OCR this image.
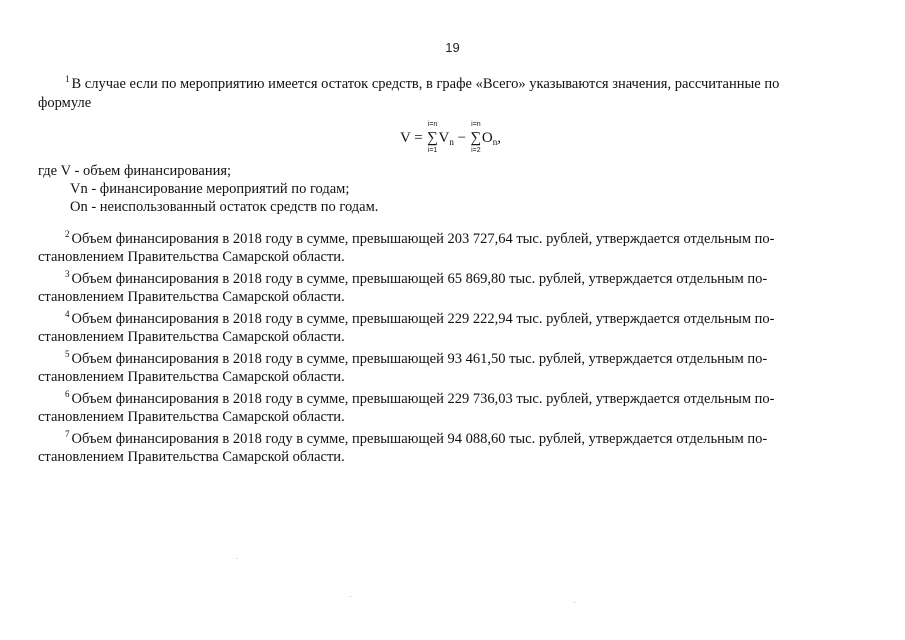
19
$^1$ В случае если по мероприятию имеется остаток средств, в графе «Всего» указываются значения, рассчитанные по
формуле
V = ∑
i=n
i=1
$V_n$ − ∑
i=n
i=2
$O_n$,
где V - объем финансирования;
Vn - финансирование мероприятий по годам;
On - неиспользованный остаток средств по годам.
$^2$ Объем финансирования в 2018 году в сумме, превышающей 203 727,64 тыс. рублей, утверждается отдельным по-
становлением Правительства Самарской области.
$^3$ Объем финансирования в 2018 году в сумме, превышающей 65 869,80 тыс. рублей, утверждается отдельным по-
становлением Правительства Самарской области.
$^4$ Объем финансирования в 2018 году в сумме, превышающей 229 222,94 тыс. рублей, утверждается отдельным по-
становлением Правительства Самарской области.
$^5$ Объем финансирования в 2018 году в сумме, превышающей 93 461,50 тыс. рублей, утверждается отдельным по-
становлением Правительства Самарской области.
$^6$ Объем финансирования в 2018 году в сумме, превышающей 229 736,03 тыс. рублей, утверждается отдельным по-
становлением Правительства Самарской области.
$^7$ Объем финансирования в 2018 году в сумме, превышающей 94 088,60 тыс. рублей, утверждается отдельным по-
становлением Правительства Самарской области.
